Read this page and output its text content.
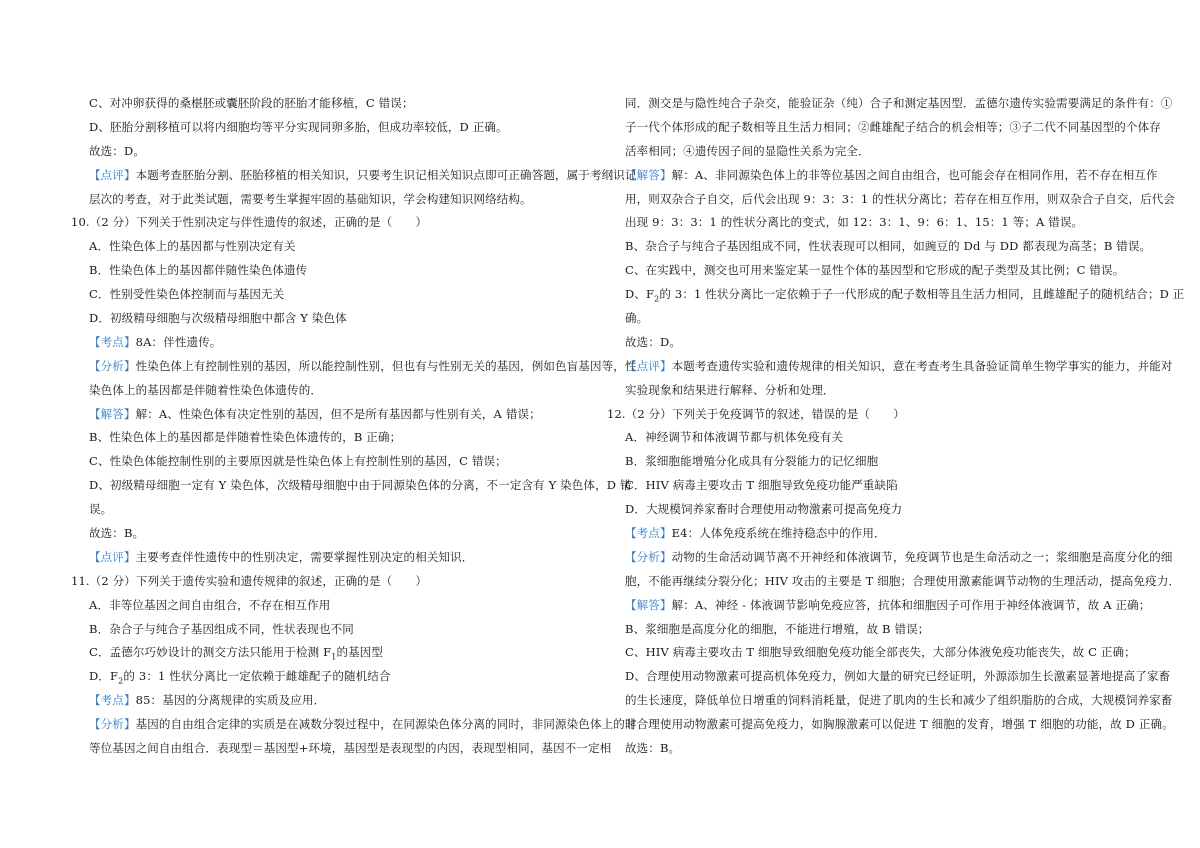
C、对冲卵获得的桑椹胚或囊胚阶段的胚胎才能移植，C 错误；
D、胚胎分割移植可以将内细胞均等平分实现同卵多胎，但成功率较低，D 正确。
故选：D。
【点评】本题考查胚胎分割、胚胎移植的相关知识，只要考生识记相关知识点即可正确答题，属于考纲识记
层次的考查，对于此类试题，需要考生掌握牢固的基础知识，学会构建知识网络结构。
10.（2 分）下列关于性别决定与伴性遗传的叙述，正确的是（　　）
A．性染色体上的基因都与性别决定有关
B．性染色体上的基因都伴随性染色体遗传
C．性别受性染色体控制而与基因无关
D．初级精母细胞与次级精母细胞中都含 Y 染色体
【考点】8A：伴性遗传。
【分析】性染色体上有控制性别的基因，所以能控制性别，但也有与性别无关的基因，例如色盲基因等，性
染色体上的基因都是伴随着性染色体遗传的．
【解答】解：A、性染色体有决定性别的基因，但不是所有基因都与性别有关，A 错误；
B、性染色体上的基因都是伴随着性染色体遗传的，B 正确；
C、性染色体能控制性别的主要原因就是性染色体上有控制性别的基因，C 错误；
D、初级精母细胞一定有 Y 染色体，次级精母细胞中由于同源染色体的分离，不一定含有 Y 染色体，D 错
误。
故选：B。
【点评】主要考查伴性遗传中的性别决定，需要掌握性别决定的相关知识．
11.（2 分）下列关于遗传实验和遗传规律的叙述，正确的是（　　）
A．非等位基因之间自由组合，不存在相互作用
B．杂合子与纯合子基因组成不同，性状表现也不同
C．孟德尔巧妙设计的测交方法只能用于检测 $F_1$的基因型
D．$F_2$的 3：1 性状分离比一定依赖于雌雄配子的随机结合
【考点】85：基因的分离规律的实质及应用．
【分析】基因的自由组合定律的实质是在减数分裂过程中，在同源染色体分离的同时，非同源染色体上的非
等位基因之间自由组合．表现型＝基因型+环境，基因型是表现型的内因，表现型相同，基因不一定相
同．测交是与隐性纯合子杂交，能验证杂（纯）合子和测定基因型．孟德尔遗传实验需要满足的条件有：①
子一代个体形成的配子数相等且生活力相同；②雌雄配子结合的机会相等；③子二代不同基因型的个体存
活率相同；④遗传因子间的显隐性关系为完全．
【解答】解：A、非同源染色体上的非等位基因之间自由组合，也可能会存在相同作用，若不存在相互作
用，则双杂合子自交，后代会出现 9：3：3：1 的性状分离比；若存在相互作用，则双杂合子自交，后代会
出现 9：3：3：1 的性状分离比的变式，如 12：3：1、9：6：1、15：1 等；A 错误。
B、杂合子与纯合子基因组成不同，性状表现可以相同，如豌豆的 Dd 与 DD 都表现为高茎；B 错误。
C、在实践中，测交也可用来鉴定某一显性个体的基因型和它形成的配子类型及其比例；C 错误。
D、$F_2$的 3：1 性状分离比一定依赖于子一代形成的配子数相等且生活力相同，且雌雄配子的随机结合；D 正
确。
故选：D。
【点评】本题考查遗传实验和遗传规律的相关知识，意在考查考生具备验证简单生物学事实的能力，并能对
实验现象和结果进行解释、分析和处理．
12.（2 分）下列关于免疫调节的叙述，错误的是（　　）
A．神经调节和体液调节都与机体免疫有关
B．浆细胞能增殖分化成具有分裂能力的记忆细胞
C．HIV 病毒主要攻击 T 细胞导致免疫功能严重缺陷
D．大规模饲养家畜时合理使用动物激素可提高免疫力
【考点】E4：人体免疫系统在维持稳态中的作用．
【分析】动物的生命活动调节离不开神经和体液调节，免疫调节也是生命活动之一；浆细胞是高度分化的细
胞，不能再继续分裂分化；HIV 攻击的主要是 T 细胞；合理使用激素能调节动物的生理活动，提高免疫力．
【解答】解：A、神经 - 体液调节影响免疫应答，抗体和细胞因子可作用于神经体液调节，故 A 正确；
B、浆细胞是高度分化的细胞，不能进行增殖，故 B 错误；
C、HIV 病毒主要攻击 T 细胞导致细胞免疫功能全部丧失，大部分体液免疫功能丧失，故 C 正确；
D、合理使用动物激素可提高机体免疫力，例如大量的研究已经证明，外源添加生长激素显著地提高了家畜
的生长速度，降低单位日增重的饲料消耗量，促进了肌肉的生长和减少了组织脂肪的合成，大规模饲养家畜
时合理使用动物激素可提高免疫力，如胸腺激素可以促进 T 细胞的发育，增强 T 细胞的功能，故 D 正确。
故选：B。
